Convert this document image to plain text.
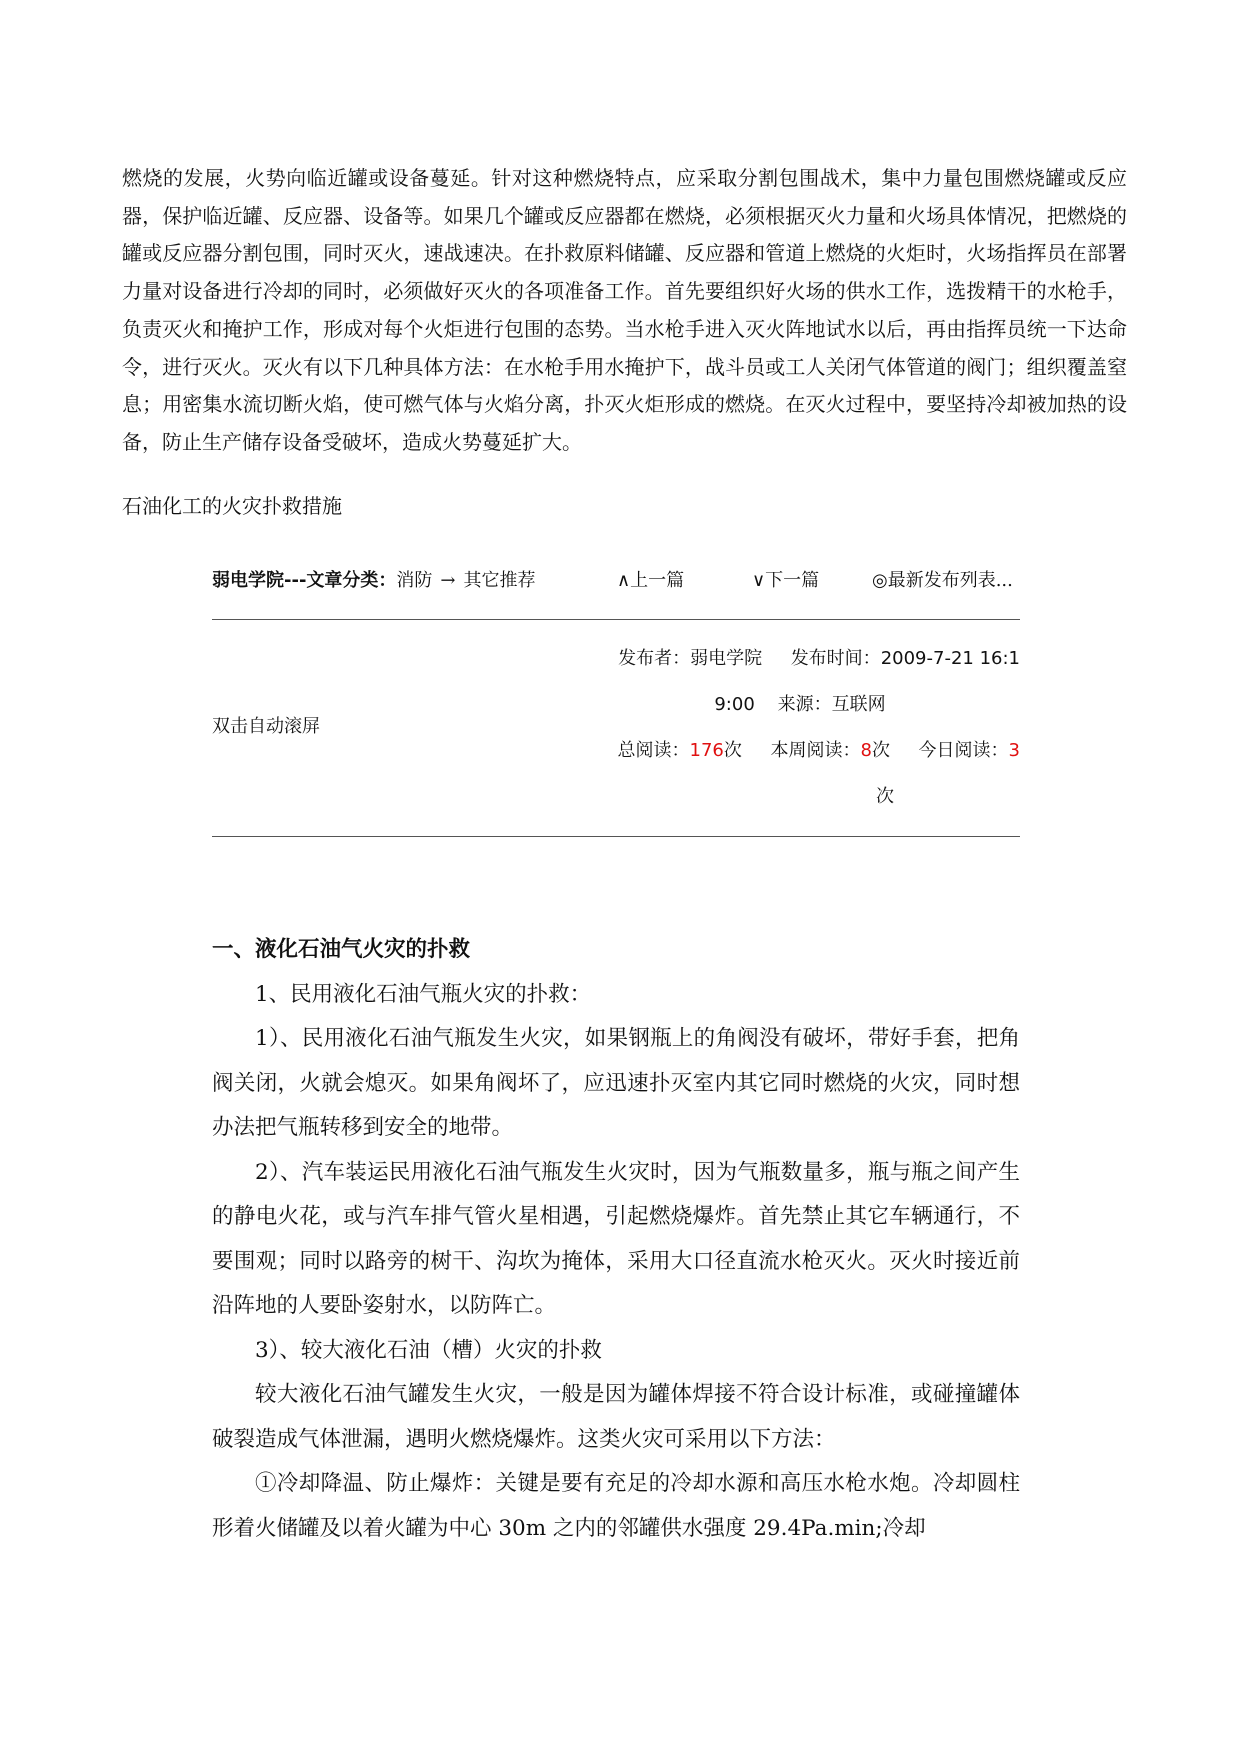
燃烧的发展，火势向临近罐或设备蔓延。针对这种燃烧特点，应采取分割包围战术，集中力量包围燃烧罐或反应器，保护临近罐、反应器、设备等。如果几个罐或反应器都在燃烧，必须根据灭火力量和火场具体情况，把燃烧的罐或反应器分割包围，同时灭火，速战速决。在扑救原料储罐、反应器和管道上燃烧的火炬时，火场指挥员在部署力量对设备进行冷却的同时，必须做好灭火的各项准备工作。首先要组织好火场的供水工作，选拨精干的水枪手，负责灭火和掩护工作，形成对每个火炬进行包围的态势。当水枪手进入灭火阵地试水以后，再由指挥员统一下达命令，进行灭火。灭火有以下几种具体方法：在水枪手用水掩护下，战斗员或工人关闭气体管道的阀门；组织覆盖窒息；用密集水流切断火焰，使可燃气体与火焰分离，扑灭火炬形成的燃烧。在灭火过程中，要坚持冷却被加热的设备，防止生产储存设备受破坏，造成火势蔓延扩大。

石油化工的火灾扑救措施
弱电学院---文章分类：消防 → 其它推荐	∧上一篇	∨下一篇	◎最新发布列表...
发布者：弱电学院 发布时间：2009-7-21 16:1
9:00 来源：互联网
总阅读：176次 本周阅读：8次 今日阅读：3
次
双击自动滚屏
一、液化石油气火灾的扑救

1、民用液化石油气瓶火灾的扑救：

1）、民用液化石油气瓶发生火灾，如果钢瓶上的角阀没有破坏，带好手套，把角阀关闭，火就会熄灭。如果角阀坏了，应迅速扑灭室内其它同时燃烧的火灾，同时想办法把气瓶转移到安全的地带。

2）、汽车装运民用液化石油气瓶发生火灾时，因为气瓶数量多，瓶与瓶之间产生的静电火花，或与汽车排气管火星相遇，引起燃烧爆炸。首先禁止其它车辆通行，不要围观；同时以路旁的树干、沟坎为掩体，采用大口径直流水枪灭火。灭火时接近前沿阵地的人要卧姿射水，以防阵亡。

3）、较大液化石油（槽）火灾的扑救

较大液化石油气罐发生火灾，一般是因为罐体焊接不符合设计标准，或碰撞罐体破裂造成气体泄漏，遇明火燃烧爆炸。这类火灾可采用以下方法：

①冷却降温、防止爆炸：关键是要有充足的冷却水源和高压水枪水炮。冷却圆柱形着火储罐及以着火罐为中心 30m 之内的邻罐供水强度 29.4Pa.min;冷却
